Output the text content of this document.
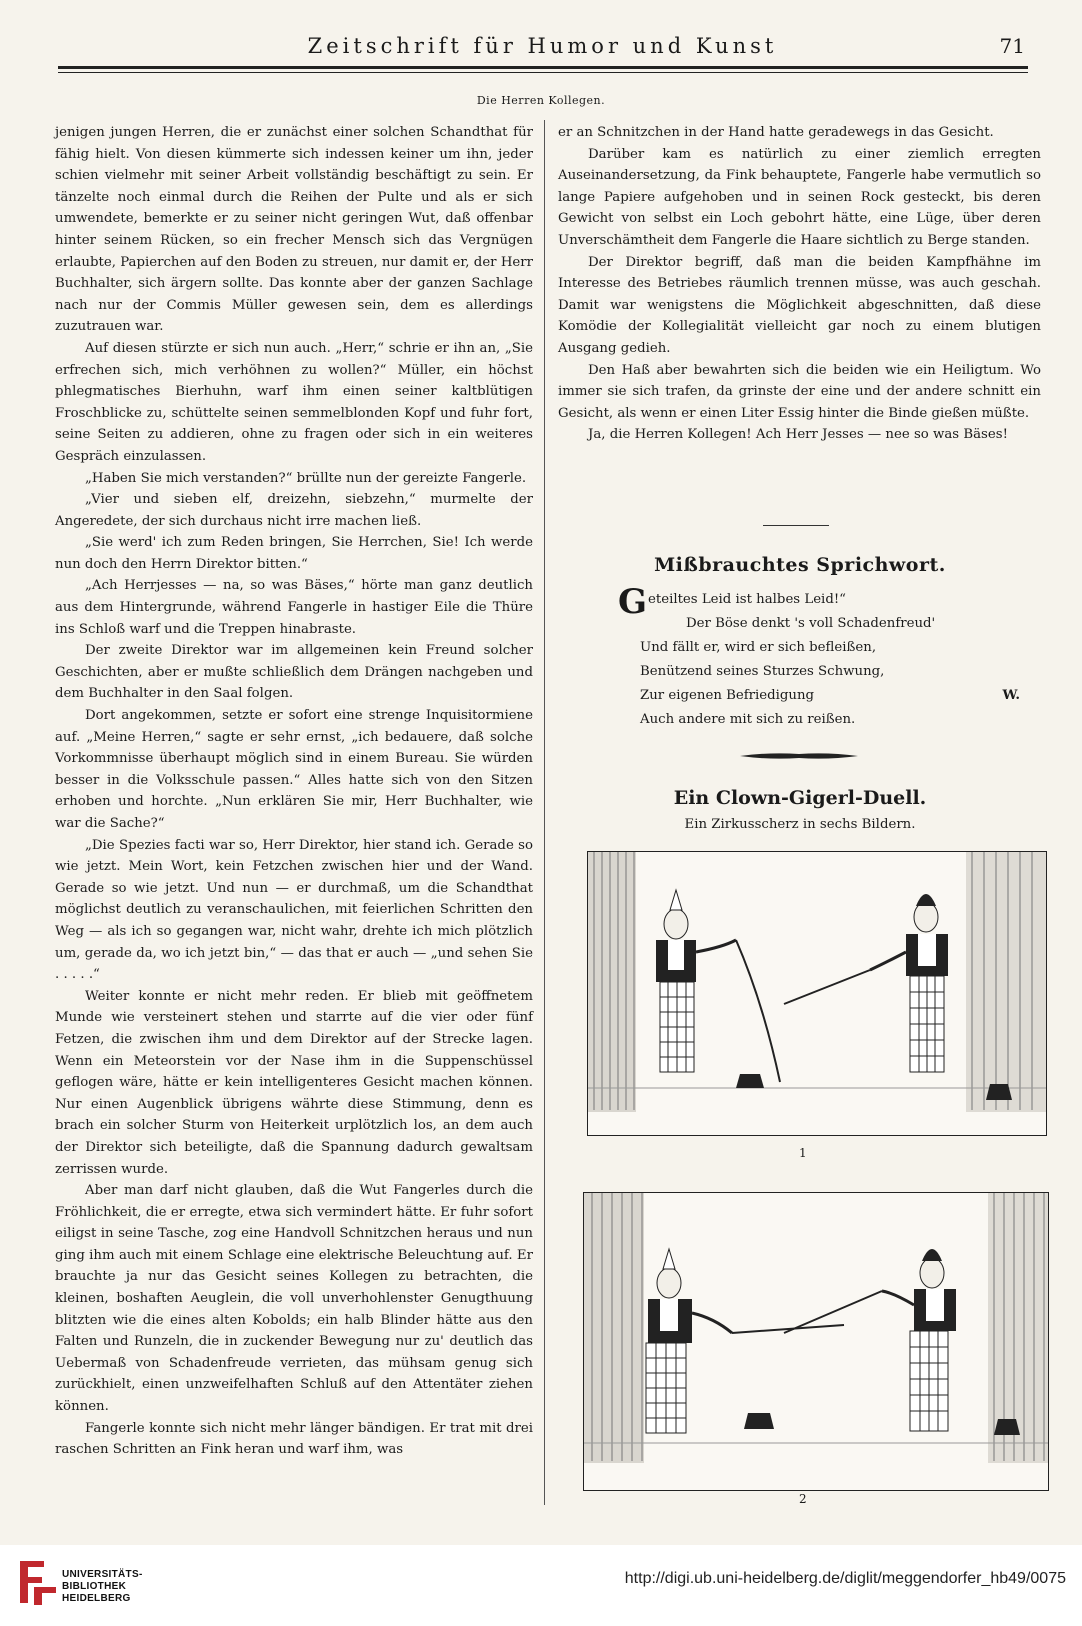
Zeitschrift für Humor und Kunst	71
Die Herren Kollegen.

jenigen jungen Herren, die er zunächst einer solchen Schandthat für fähig hielt. Von diesen kümmerte sich indessen keiner um ihn, jeder schien vielmehr mit seiner Arbeit vollständig beschäftigt zu sein. Er tänzelte noch einmal durch die Reihen der Pulte und als er sich umwendete, bemerkte er zu seiner nicht geringen Wut, daß offenbar hinter seinem Rücken, so ein frecher Mensch sich das Vergnügen erlaubte, Papierchen auf den Boden zu streuen, nur damit er, der Herr Buchhalter, sich ärgern sollte. Das konnte aber der ganzen Sachlage nach nur der Commis Müller gewesen sein, dem es allerdings zuzutrauen war.

Auf diesen stürzte er sich nun auch. „Herr,“ schrie er ihn an, „Sie erfrechen sich, mich verhöhnen zu wollen?“ Müller, ein höchst phlegmatisches Bierhuhn, warf ihm einen seiner kaltblütigen Froschblicke zu, schüttelte seinen semmelblonden Kopf und fuhr fort, seine Seiten zu addieren, ohne zu fragen oder sich in ein weiteres Gespräch einzulassen.

„Haben Sie mich verstanden?“ brüllte nun der gereizte Fangerle.

„Vier und sieben elf, dreizehn, siebzehn,“ murmelte der Angeredete, der sich durchaus nicht irre machen ließ.

„Sie werd' ich zum Reden bringen, Sie Herrchen, Sie! Ich werde nun doch den Herrn Direktor bitten.“

„Ach Herrjesses — na, so was Bäses,“ hörte man ganz deutlich aus dem Hintergrunde, während Fangerle in hastiger Eile die Thüre ins Schloß warf und die Treppen hinabraste.

Der zweite Direktor war im allgemeinen kein Freund solcher Geschichten, aber er mußte schließlich dem Drängen nachgeben und dem Buchhalter in den Saal folgen.

Dort angekommen, setzte er sofort eine strenge Inquisitormiene auf. „Meine Herren,“ sagte er sehr ernst, „ich bedauere, daß solche Vorkommnisse überhaupt möglich sind in einem Bureau. Sie würden besser in die Volksschule passen.“ Alles hatte sich von den Sitzen erhoben und horchte. „Nun erklären Sie mir, Herr Buchhalter, wie war die Sache?“

„Die Spezies facti war so, Herr Direktor, hier stand ich. Gerade so wie jetzt. Mein Wort, kein Fetzchen zwischen hier und der Wand. Gerade so wie jetzt. Und nun — er durchmaß, um die Schandthat möglichst deutlich zu veranschaulichen, mit feierlichen Schritten den Weg — als ich so gegangen war, nicht wahr, drehte ich mich plötzlich um, gerade da, wo ich jetzt bin,“ — das that er auch — „und sehen Sie . . . . .“

Weiter konnte er nicht mehr reden. Er blieb mit geöffnetem Munde wie versteinert stehen und starrte auf die vier oder fünf Fetzen, die zwischen ihm und dem Direktor auf der Strecke lagen. Wenn ein Meteorstein vor der Nase ihm in die Suppenschüssel geflogen wäre, hätte er kein intelligenteres Gesicht machen können. Nur einen Augenblick übrigens währte diese Stimmung, denn es brach ein solcher Sturm von Heiterkeit urplötzlich los, an dem auch der Direktor sich beteiligte, daß die Spannung dadurch gewaltsam zerrissen wurde.

Aber man darf nicht glauben, daß die Wut Fangerles durch die Fröhlichkeit, die er erregte, etwa sich vermindert hätte. Er fuhr sofort eiligst in seine Tasche, zog eine Handvoll Schnitzchen heraus und nun ging ihm auch mit einem Schlage eine elektrische Beleuchtung auf. Er brauchte ja nur das Gesicht seines Kollegen zu betrachten, die kleinen, boshaften Aeuglein, die voll unverhohlenster Genugthuung blitzten wie die eines alten Kobolds; ein halb Blinder hätte aus den Falten und Runzeln, die in zuckender Bewegung nur zu' deutlich das Uebermaß von Schadenfreude verrieten, das mühsam genug sich zurückhielt, einen unzweifelhaften Schluß auf den Attentäter ziehen können.

Fangerle konnte sich nicht mehr länger bändigen. Er trat mit drei raschen Schritten an Fink heran und warf ihm, was

er an Schnitzchen in der Hand hatte geradewegs in das Gesicht.

Darüber kam es natürlich zu einer ziemlich erregten Auseinandersetzung, da Fink behauptete, Fangerle habe vermutlich so lange Papiere aufgehoben und in seinen Rock gesteckt, bis deren Gewicht von selbst ein Loch gebohrt hätte, eine Lüge, über deren Unverschämtheit dem Fangerle die Haare sichtlich zu Berge standen.

Der Direktor begriff, daß man die beiden Kampfhähne im Interesse des Betriebes räumlich trennen müsse, was auch geschah. Damit war wenigstens die Möglichkeit abgeschnitten, daß diese Komödie der Kollegialität vielleicht gar noch zu einem blutigen Ausgang gedieh.

Den Haß aber bewahrten sich die beiden wie ein Heiligtum. Wo immer sie sich trafen, da grinste der eine und der andere schnitt ein Gesicht, als wenn er einen Liter Essig hinter die Binde gießen müßte.

Ja, die Herren Kollegen! Ach Herr Jesses — nee so was Bäses!

Mißbrauchtes Sprichwort.
G eteiltes Leid ist halbes Leid!“
Der Böse denkt 's voll Schadenfreud'
Und fällt er, wird er sich befleißen,
Benützend seines Sturzes Schwung,
Zur eigenen Befriedigung
Auch andere mit sich zu reißen.
W.
Ein Clown-Gigerl-Duell.
Ein Zirkusscherz in sechs Bildern.
1
2
UNIVERSITÄTS-
BIBLIOTHEK
HEIDELBERG
http://digi.ub.uni-heidelberg.de/diglit/meggendorfer_hb49/0075
